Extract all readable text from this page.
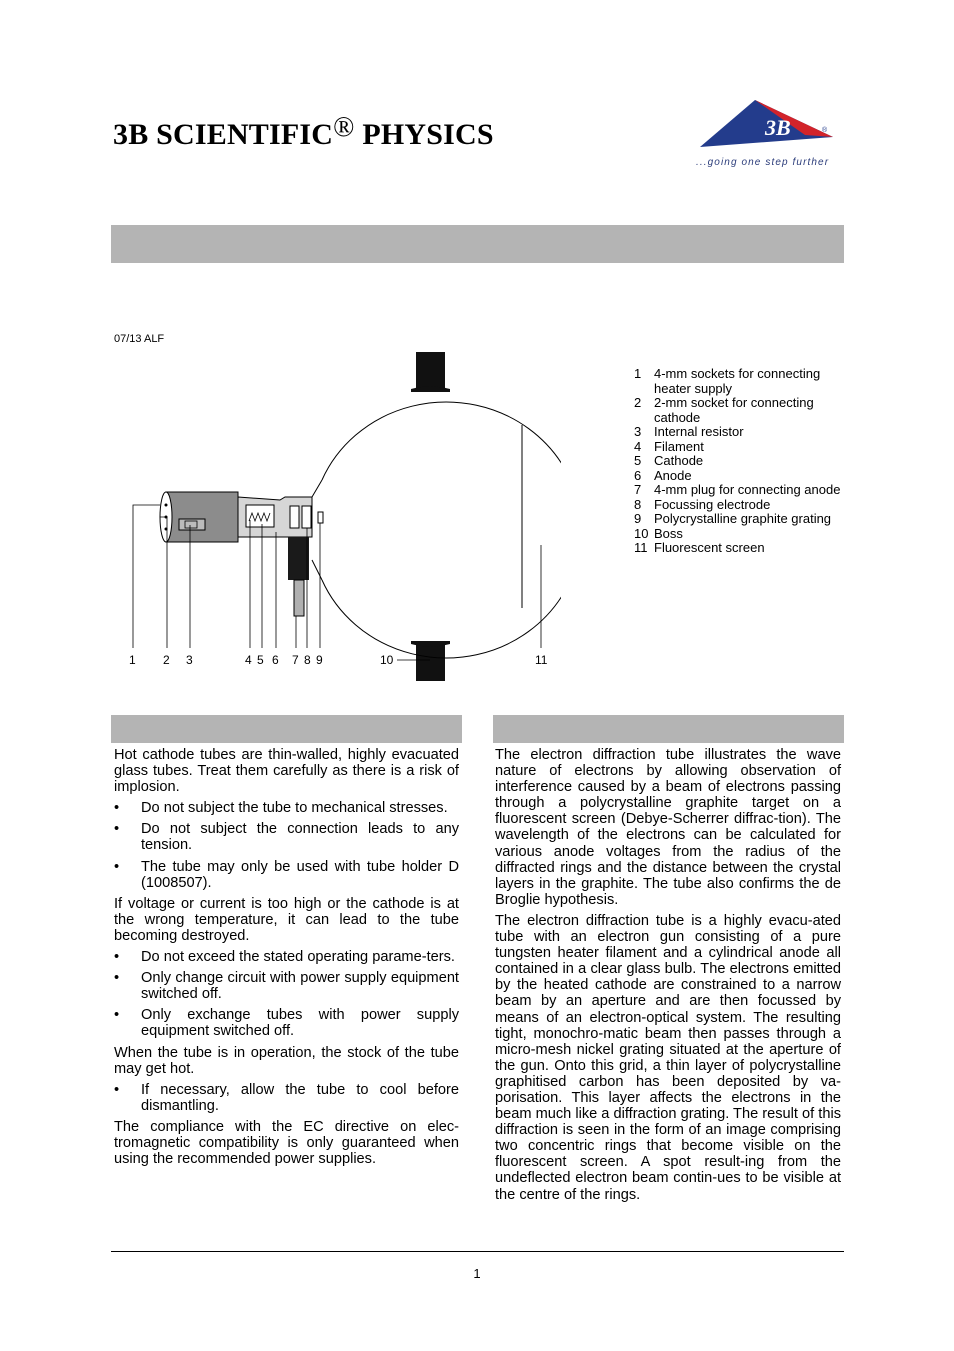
3B SCIENTIFIC® PHYSICS	3B	®
...going one step further
07/13 ALF
1 2 3	4 5 6 7 8 9	10	11
1 4-mm sockets for connecting heater supply
2 2-mm socket for connecting cathode
3 Internal resistor
4 Filament
5 Cathode
6 Anode
7 4-mm plug for connecting anode
8 Focussing electrode
9 Polycrystalline graphite grating
10 Boss
11 Fluorescent screen

Hot cathode tubes are thin-walled, highly evacuated glass tubes. Treat them carefully as there is a risk of implosion.

• Do not subject the tube to mechanical stresses.
• Do not subject the connection leads to any tension.
• The tube may only be used with tube holder D (1008507).

If voltage or current is too high or the cathode is at the wrong temperature, it can lead to the tube becoming destroyed.

• Do not exceed the stated operating parame-ters.
• Only change circuit with power supply equipment switched off.
• Only exchange tubes with power supply equipment switched off.

When the tube is in operation, the stock of the tube may get hot.

• If necessary, allow the tube to cool before dismantling.

The compliance with the EC directive on elec-tromagnetic compatibility is only guaranteed when using the recommended power supplies.

The electron diffraction tube illustrates the wave nature of electrons by allowing observation of interference caused by a beam of electrons passing through a polycrystalline graphite target on a fluorescent screen (Debye-Scherrer diffrac-tion). The wavelength of the electrons can be calculated for various anode voltages from the radius of the diffracted rings and the distance between the crystal layers in the graphite. The tube also confirms the de Broglie hypothesis.

The electron diffraction tube is a highly evacu-ated tube with an electron gun consisting of a pure tungsten heater filament and a cylindrical anode all contained in a clear glass bulb. The electrons emitted by the heated cathode are constrained to a narrow beam by an aperture and are then focussed by means of an electron-optical system. The resulting tight, monochro-matic beam then passes through a micro-mesh nickel grating situated at the aperture of the gun. Onto this grid, a thin layer of polycrystalline graphitised carbon has been deposited by va-porisation. This layer affects the electrons in the beam much like a diffraction grating. The result of this diffraction is seen in the form of an image comprising two concentric rings that become visible on the fluorescent screen. A spot result-ing from the undeflected electron beam contin-ues to be visible at the centre of the rings.

1
